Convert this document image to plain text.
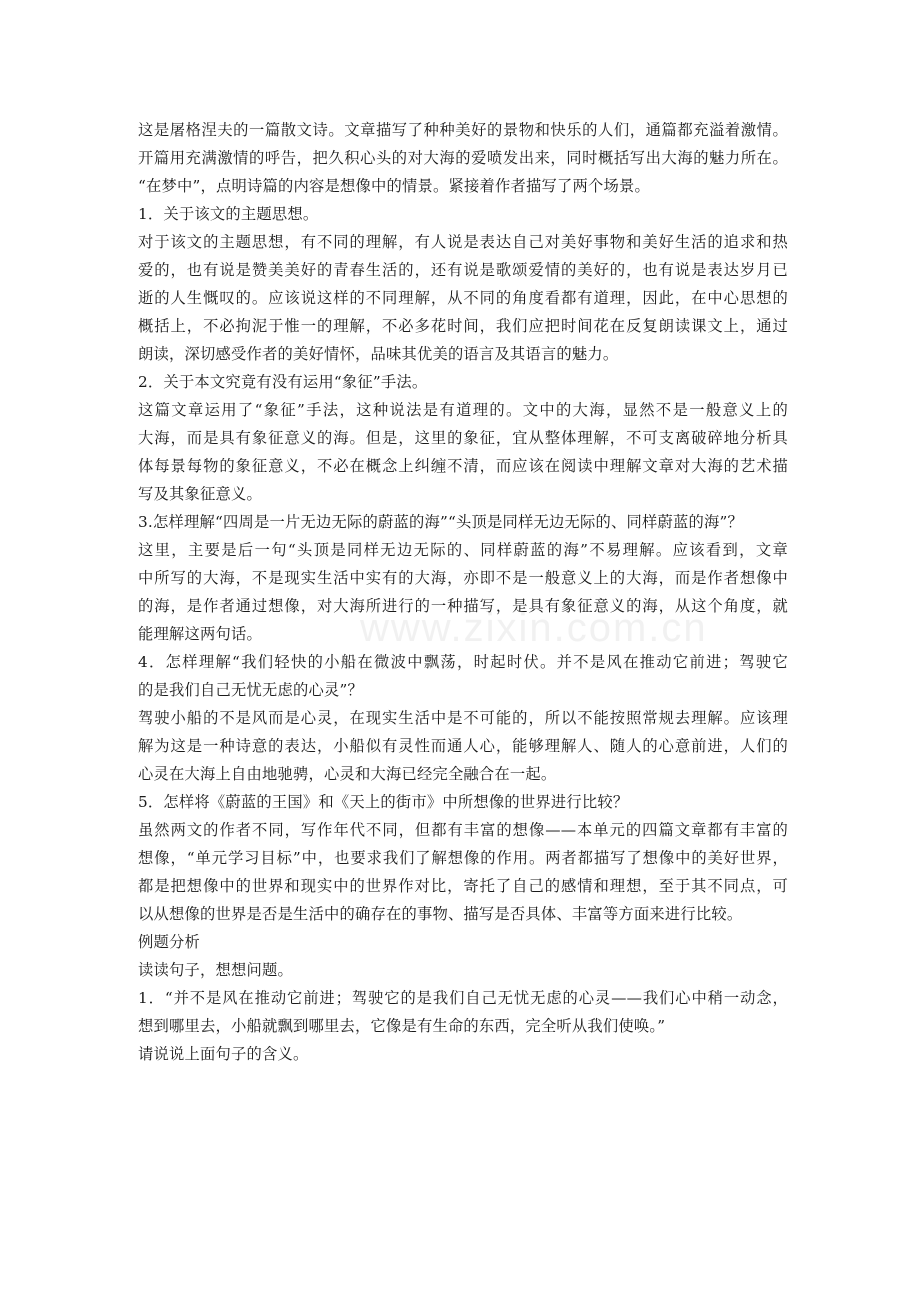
这是屠格涅夫的一篇散文诗。文章描写了种种美好的景物和快乐的人们，通篇都充溢着激情。
开篇用充满激情的呼告，把久积心头的对大海的爱喷发出来，同时概括写出大海的魅力所在。
“在梦中”，点明诗篇的内容是想像中的情景。紧接着作者描写了两个场景。
1．关于该文的主题思想。
对于该文的主题思想，有不同的理解，有人说是表达自己对美好事物和美好生活的追求和热
爱的，也有说是赞美美好的青春生活的，还有说是歌颂爱情的美好的，也有说是表达岁月已
逝的人生慨叹的。应该说这样的不同理解，从不同的角度看都有道理，因此，在中心思想的
概括上，不必拘泥于惟一的理解，不必多花时间，我们应把时间花在反复朗读课文上，通过
朗读，深切感受作者的美好情怀，品味其优美的语言及其语言的魅力。
2．关于本文究竟有没有运用“象征”手法。
这篇文章运用了“象征”手法，这种说法是有道理的。文中的大海，显然不是一般意义上的
大海，而是具有象征意义的海。但是，这里的象征，宜从整体理解，不可支离破碎地分析具
体每景每物的象征意义，不必在概念上纠缠不清，而应该在阅读中理解文章对大海的艺术描
写及其象征意义。
3.怎样理解“四周是一片无边无际的蔚蓝的海”“头顶是同样无边无际的、同样蔚蓝的海”？
这里，主要是后一句“头顶是同样无边无际的、同样蔚蓝的海”不易理解。应该看到，文章
中所写的大海，不是现实生活中实有的大海，亦即不是一般意义上的大海，而是作者想像中
的海，是作者通过想像，对大海所进行的一种描写，是具有象征意义的海，从这个角度，就
能理解这两句话。
4．怎样理解“我们轻快的小船在微波中飘荡，时起时伏。并不是风在推动它前进；驾驶它
的是我们自己无忧无虑的心灵”？
驾驶小船的不是风而是心灵，在现实生活中是不可能的，所以不能按照常规去理解。应该理
解为这是一种诗意的表达，小船似有灵性而通人心，能够理解人、随人的心意前进，人们的
心灵在大海上自由地驰骋，心灵和大海已经完全融合在一起。
5．怎样将《蔚蓝的王国》和《天上的街市》中所想像的世界进行比较？
虽然两文的作者不同，写作年代不同，但都有丰富的想像——本单元的四篇文章都有丰富的
想像，“单元学习目标”中，也要求我们了解想像的作用。两者都描写了想像中的美好世界，
都是把想像中的世界和现实中的世界作对比，寄托了自己的感情和理想，至于其不同点，可
以从想像的世界是否是生活中的确存在的事物、描写是否具体、丰富等方面来进行比较。
例题分析
读读句子，想想问题。
1．“并不是风在推动它前进；驾驶它的是我们自己无忧无虑的心灵——我们心中稍一动念，
想到哪里去，小船就飘到哪里去，它像是有生命的东西，完全听从我们使唤。”
请说说上面句子的含义。
www.zixin.com.cn
